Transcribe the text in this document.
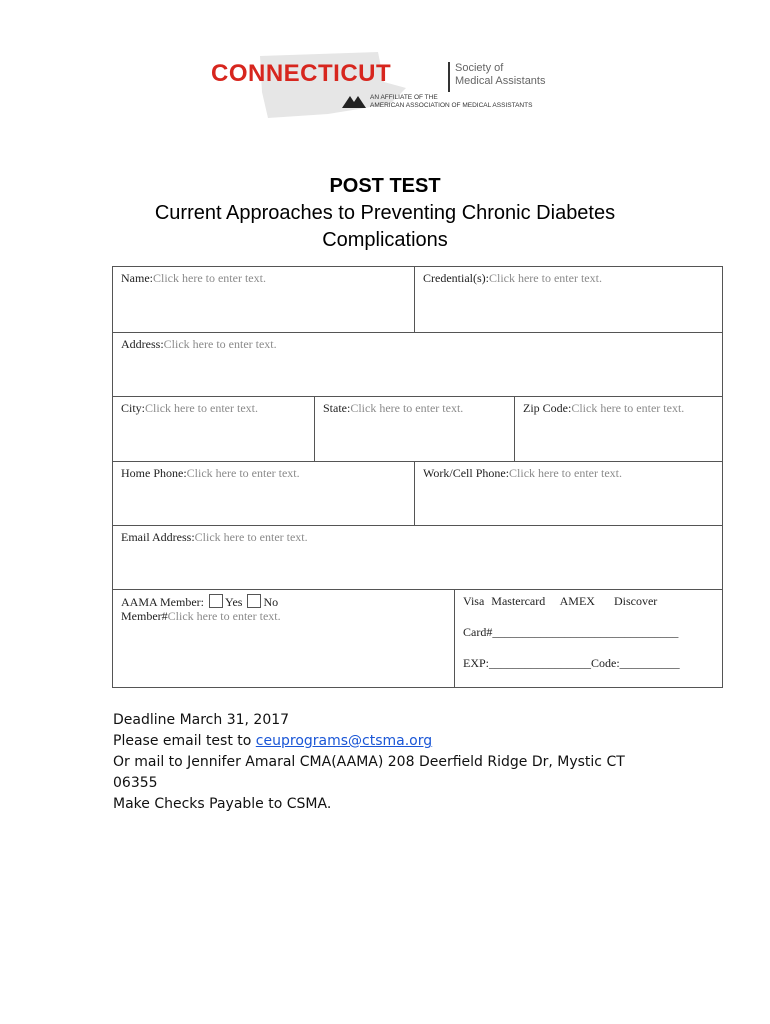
CONNECTICUT	Society of
Medical Assistants
AN AFFILIATE OF THE
AMERICAN ASSOCIATION OF MEDICAL ASSISTANTS
POST TEST
Current Approaches to Preventing Chronic Diabetes Complications
Name:Click here to enter text.	Credential(s):Click here to enter text.
Address:Click here to enter text.
City:Click here to enter text.	State:Click here to enter text.	Zip Code:Click here to enter text.
Home Phone:Click here to enter text.	Work/Cell Phone:Click here to enter text.
Email Address:Click here to enter text.
AAMA Member: Yes No
Member#Click here to enter text.
Visa Mastercard AMEX Discover
Card#_______________________________
EXP:_________________Code:__________
Deadline March 31, 2017
Please email test to ceuprograms@ctsma.org
Or mail to Jennifer Amaral CMA(AAMA) 208 Deerfield Ridge Dr, Mystic CT 06355
Make Checks Payable to CSMA.
